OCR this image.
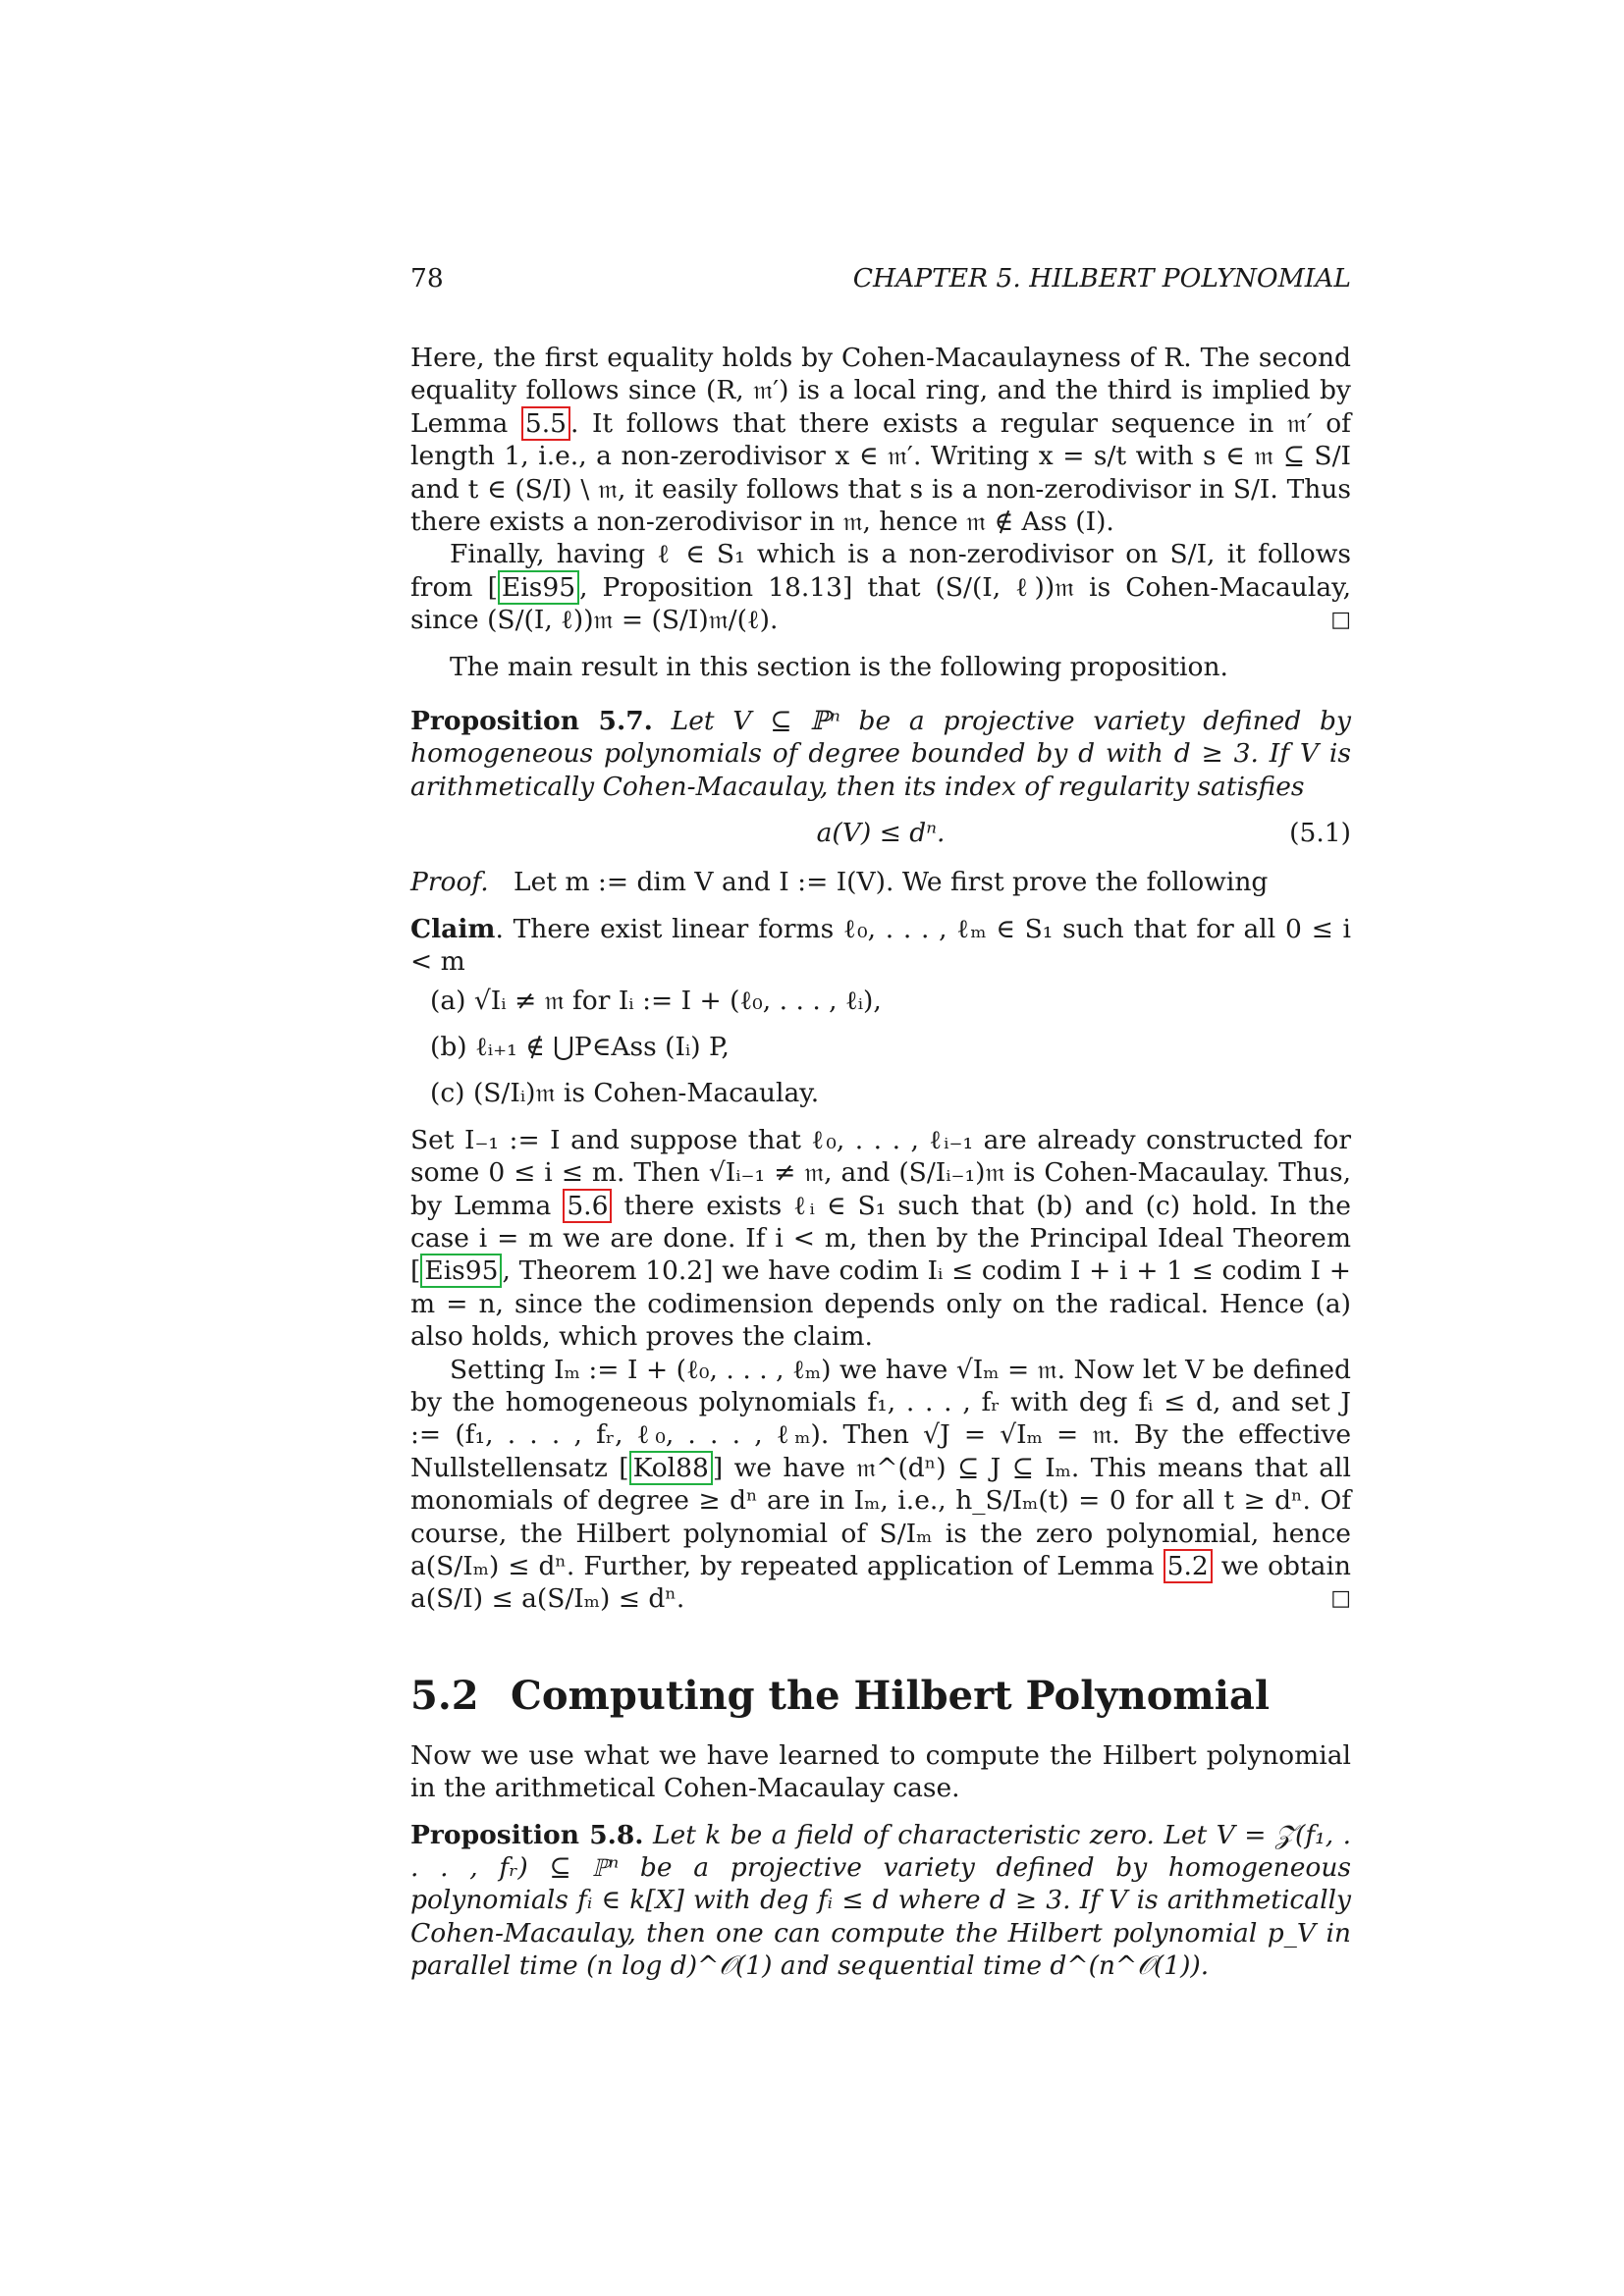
78	CHAPTER 5. HILBERT POLYNOMIAL

Here, the first equality holds by Cohen-Macaulayness of R. The second equality follows since (R, 𝔪′) is a local ring, and the third is implied by Lemma 5.5 . It follows that there exists a regular sequence in 𝔪′ of length 1, i.e., a non-zerodivisor x ∈ 𝔪′. Writing x = s/t with s ∈ 𝔪 ⊆ S/I and t ∈ (S/I) \ 𝔪, it easily follows that s is a non-zerodivisor in S/I. Thus there exists a non-zerodivisor in 𝔪, hence 𝔪 ∉ Ass (I).

Finally, having ℓ ∈ S₁ which is a non-zerodivisor on S/I, it follows from [ Eis95 , Proposition 18.13] that (S/(I, ℓ))𝔪 is Cohen-Macaulay, since (S/(I, ℓ))𝔪 = (S/I)𝔪/(ℓ).	□

The main result in this section is the following proposition.

Proposition 5.7. Let V ⊆ ℙⁿ be a projective variety defined by homogeneous polynomials of degree bounded by d with d ≥ 3. If V is arithmetically Cohen-Macaulay, then its index of regularity satisfies

a(V) ≤ dⁿ.	(5.1)

Proof. Let m := dim V and I := I(V). We first prove the following

Claim. There exist linear forms ℓ₀, . . . , ℓₘ ∈ S₁ such that for all 0 ≤ i < m

(a) √Iᵢ ≠ 𝔪 for Iᵢ := I + (ℓ₀, . . . , ℓᵢ),
(b) ℓᵢ₊₁ ∉ ⋃P∈Ass (Iᵢ) P,
(c) (S/Iᵢ)𝔪 is Cohen-Macaulay.

Set I₋₁ := I and suppose that ℓ₀, . . . , ℓᵢ₋₁ are already constructed for some 0 ≤ i ≤ m. Then √Iᵢ₋₁ ≠ 𝔪, and (S/Iᵢ₋₁)𝔪 is Cohen-Macaulay. Thus, by Lemma 5.6 there exists ℓᵢ ∈ S₁ such that (b) and (c) hold. In the case i = m we are done. If i < m, then by the Principal Ideal Theorem [ Eis95 , Theorem 10.2] we have codim Iᵢ ≤ codim I + i + 1 ≤ codim I + m = n, since the codimension depends only on the radical. Hence (a) also holds, which proves the claim.

Setting Iₘ := I + (ℓ₀, . . . , ℓₘ) we have √Iₘ = 𝔪. Now let V be defined by the homogeneous polynomials f₁, . . . , fᵣ with deg fᵢ ≤ d, and set J := (f₁, . . . , fᵣ, ℓ₀, . . . , ℓₘ). Then √J = √Iₘ = 𝔪. By the effective Nullstellensatz [ Kol88 ] we have 𝔪^(dⁿ) ⊆ J ⊆ Iₘ. This means that all monomials of degree ≥ dⁿ are in Iₘ, i.e., h_S/Iₘ(t) = 0 for all t ≥ dⁿ. Of course, the Hilbert polynomial of S/Iₘ is the zero polynomial, hence a(S/Iₘ) ≤ dⁿ. Further, by repeated application of Lemma 5.2 we obtain a(S/I) ≤ a(S/Iₘ) ≤ dⁿ.	□

5.2 Computing the Hilbert Polynomial

Now we use what we have learned to compute the Hilbert polynomial in the arithmetical Cohen-Macaulay case.

Proposition 5.8. Let k be a field of characteristic zero. Let V = 𝒵(f₁, . . . , fᵣ) ⊆ ℙⁿ be a projective variety defined by homogeneous polynomials fᵢ ∈ k[X] with deg fᵢ ≤ d where d ≥ 3. If V is arithmetically Cohen-Macaulay, then one can compute the Hilbert polynomial p_V in parallel time (n log d)^𝒪(1) and sequential time d^(n^𝒪(1)).
